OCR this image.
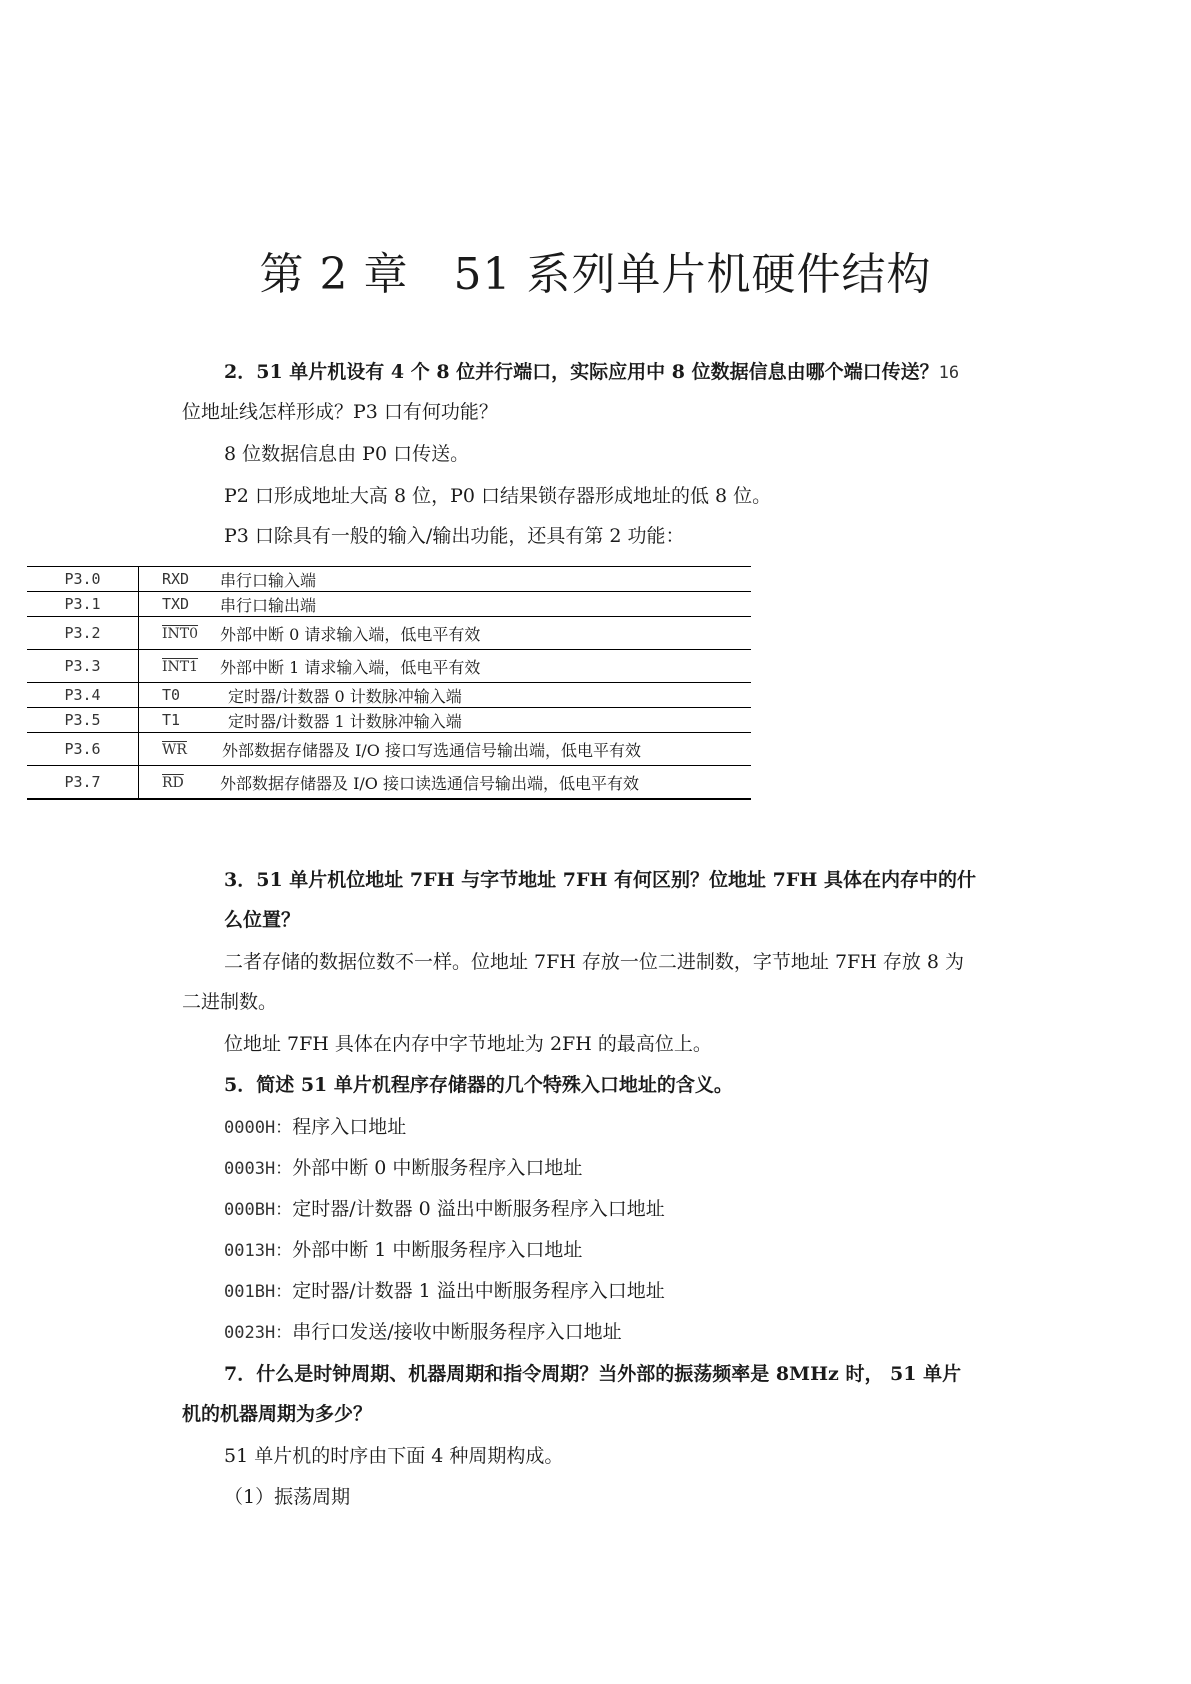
第 2 章　51 系列单片机硬件结构
2．51 单片机设有 4 个 8 位并行端口，实际应用中 8 位数据信息由哪个端口传送？16
位地址线怎样形成？P3 口有何功能？
8 位数据信息由 P0 口传送。
P2 口形成地址大高 8 位，P0 口结果锁存器形成地址的低 8 位。
P3 口除具有一般的输入/输出功能，还具有第 2 功能：
P3.0	RXD	串行口输入端
P3.1	TXD	串行口输出端
P3.2	INT0	外部中断 0 请求输入端，低电平有效
P3.3	INT1	外部中断 1 请求输入端，低电平有效
P3.4	T0	定时器/计数器 0 计数脉冲输入端
P3.5	T1	定时器/计数器 1 计数脉冲输入端
P3.6	$\overline{WR}$	外部数据存储器及 I/O 接口写选通信号输出端，低电平有效
P3.7	$\overline{RD}$	外部数据存储器及 I/O 接口读选通信号输出端，低电平有效
3．51 单片机位地址 7FH 与字节地址 7FH 有何区别？位地址 7FH 具体在内存中的什
么位置？
二者存储的数据位数不一样。位地址 7FH 存放一位二进制数，字节地址 7FH 存放 8 为
二进制数。
位地址 7FH 具体在内存中字节地址为 2FH 的最高位上。
5．简述 51 单片机程序存储器的几个特殊入口地址的含义。
0000H：程序入口地址
0003H：外部中断 0 中断服务程序入口地址
000BH：定时器/计数器 0 溢出中断服务程序入口地址
0013H：外部中断 1 中断服务程序入口地址
001BH：定时器/计数器 1 溢出中断服务程序入口地址
0023H：串行口发送/接收中断服务程序入口地址
7．什么是时钟周期、机器周期和指令周期？当外部的振荡频率是 8MHz 时， 51 单片
机的机器周期为多少？
51 单片机的时序由下面 4 种周期构成。
（1）振荡周期
